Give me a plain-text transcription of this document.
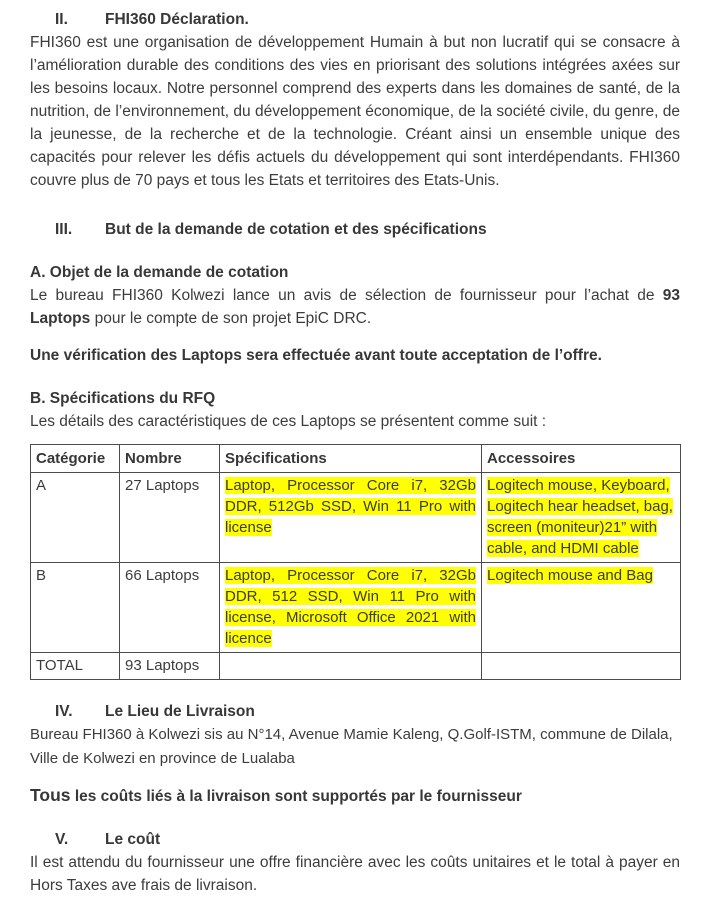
II.	FHI360 Déclaration.

FHI360 est une organisation de développement Humain à but non lucratif qui se consacre à l’amélioration durable des conditions des vies en priorisant des solutions intégrées axées sur les besoins locaux. Notre personnel comprend des experts dans les domaines de santé, de la nutrition, de l’environnement, du développement économique, de la société civile, du genre, de la jeunesse, de la recherche et de la technologie. Créant ainsi un ensemble unique des capacités pour relever les défis actuels du développement qui sont interdépendants. FHI360 couvre plus de 70 pays et tous les Etats et territoires des Etats-Unis.

III.	But de la demande de cotation et des spécifications

A. Objet de la demande de cotation

Le bureau FHI360 Kolwezi lance un avis de sélection de fournisseur pour l’achat de 93 Laptops pour le compte de son projet EpiC DRC.

Une vérification des Laptops sera effectuée avant toute acceptation de l’offre.

B. Spécifications du RFQ

Les détails des caractéristiques de ces Laptops se présentent comme suit :

Catégorie	Nombre	Spécifications	Accessoires
A	27 Laptops	Laptop, Processor Core i7, 32Gb DDR, 512Gb SSD, Win 11 Pro with license	Logitech mouse, Keyboard, Logitech hear headset, bag, screen (moniteur)21” with cable, and HDMI cable
B	66 Laptops	Laptop, Processor Core i7, 32Gb DDR, 512 SSD, Win 11 Pro with license, Microsoft Office 2021 with licence	Logitech mouse and Bag
TOTAL	93 Laptops		
IV.	Le Lieu de Livraison

Bureau FHI360 à Kolwezi sis au N°14, Avenue Mamie Kaleng, Q.Golf-ISTM, commune de Dilala, Ville de Kolwezi en province de Lualaba

Tous les coûts liés à la livraison sont supportés par le fournisseur

V.	Le coût

Il est attendu du fournisseur une offre financière avec les coûts unitaires et le total à payer en Hors Taxes ave frais de livraison.
